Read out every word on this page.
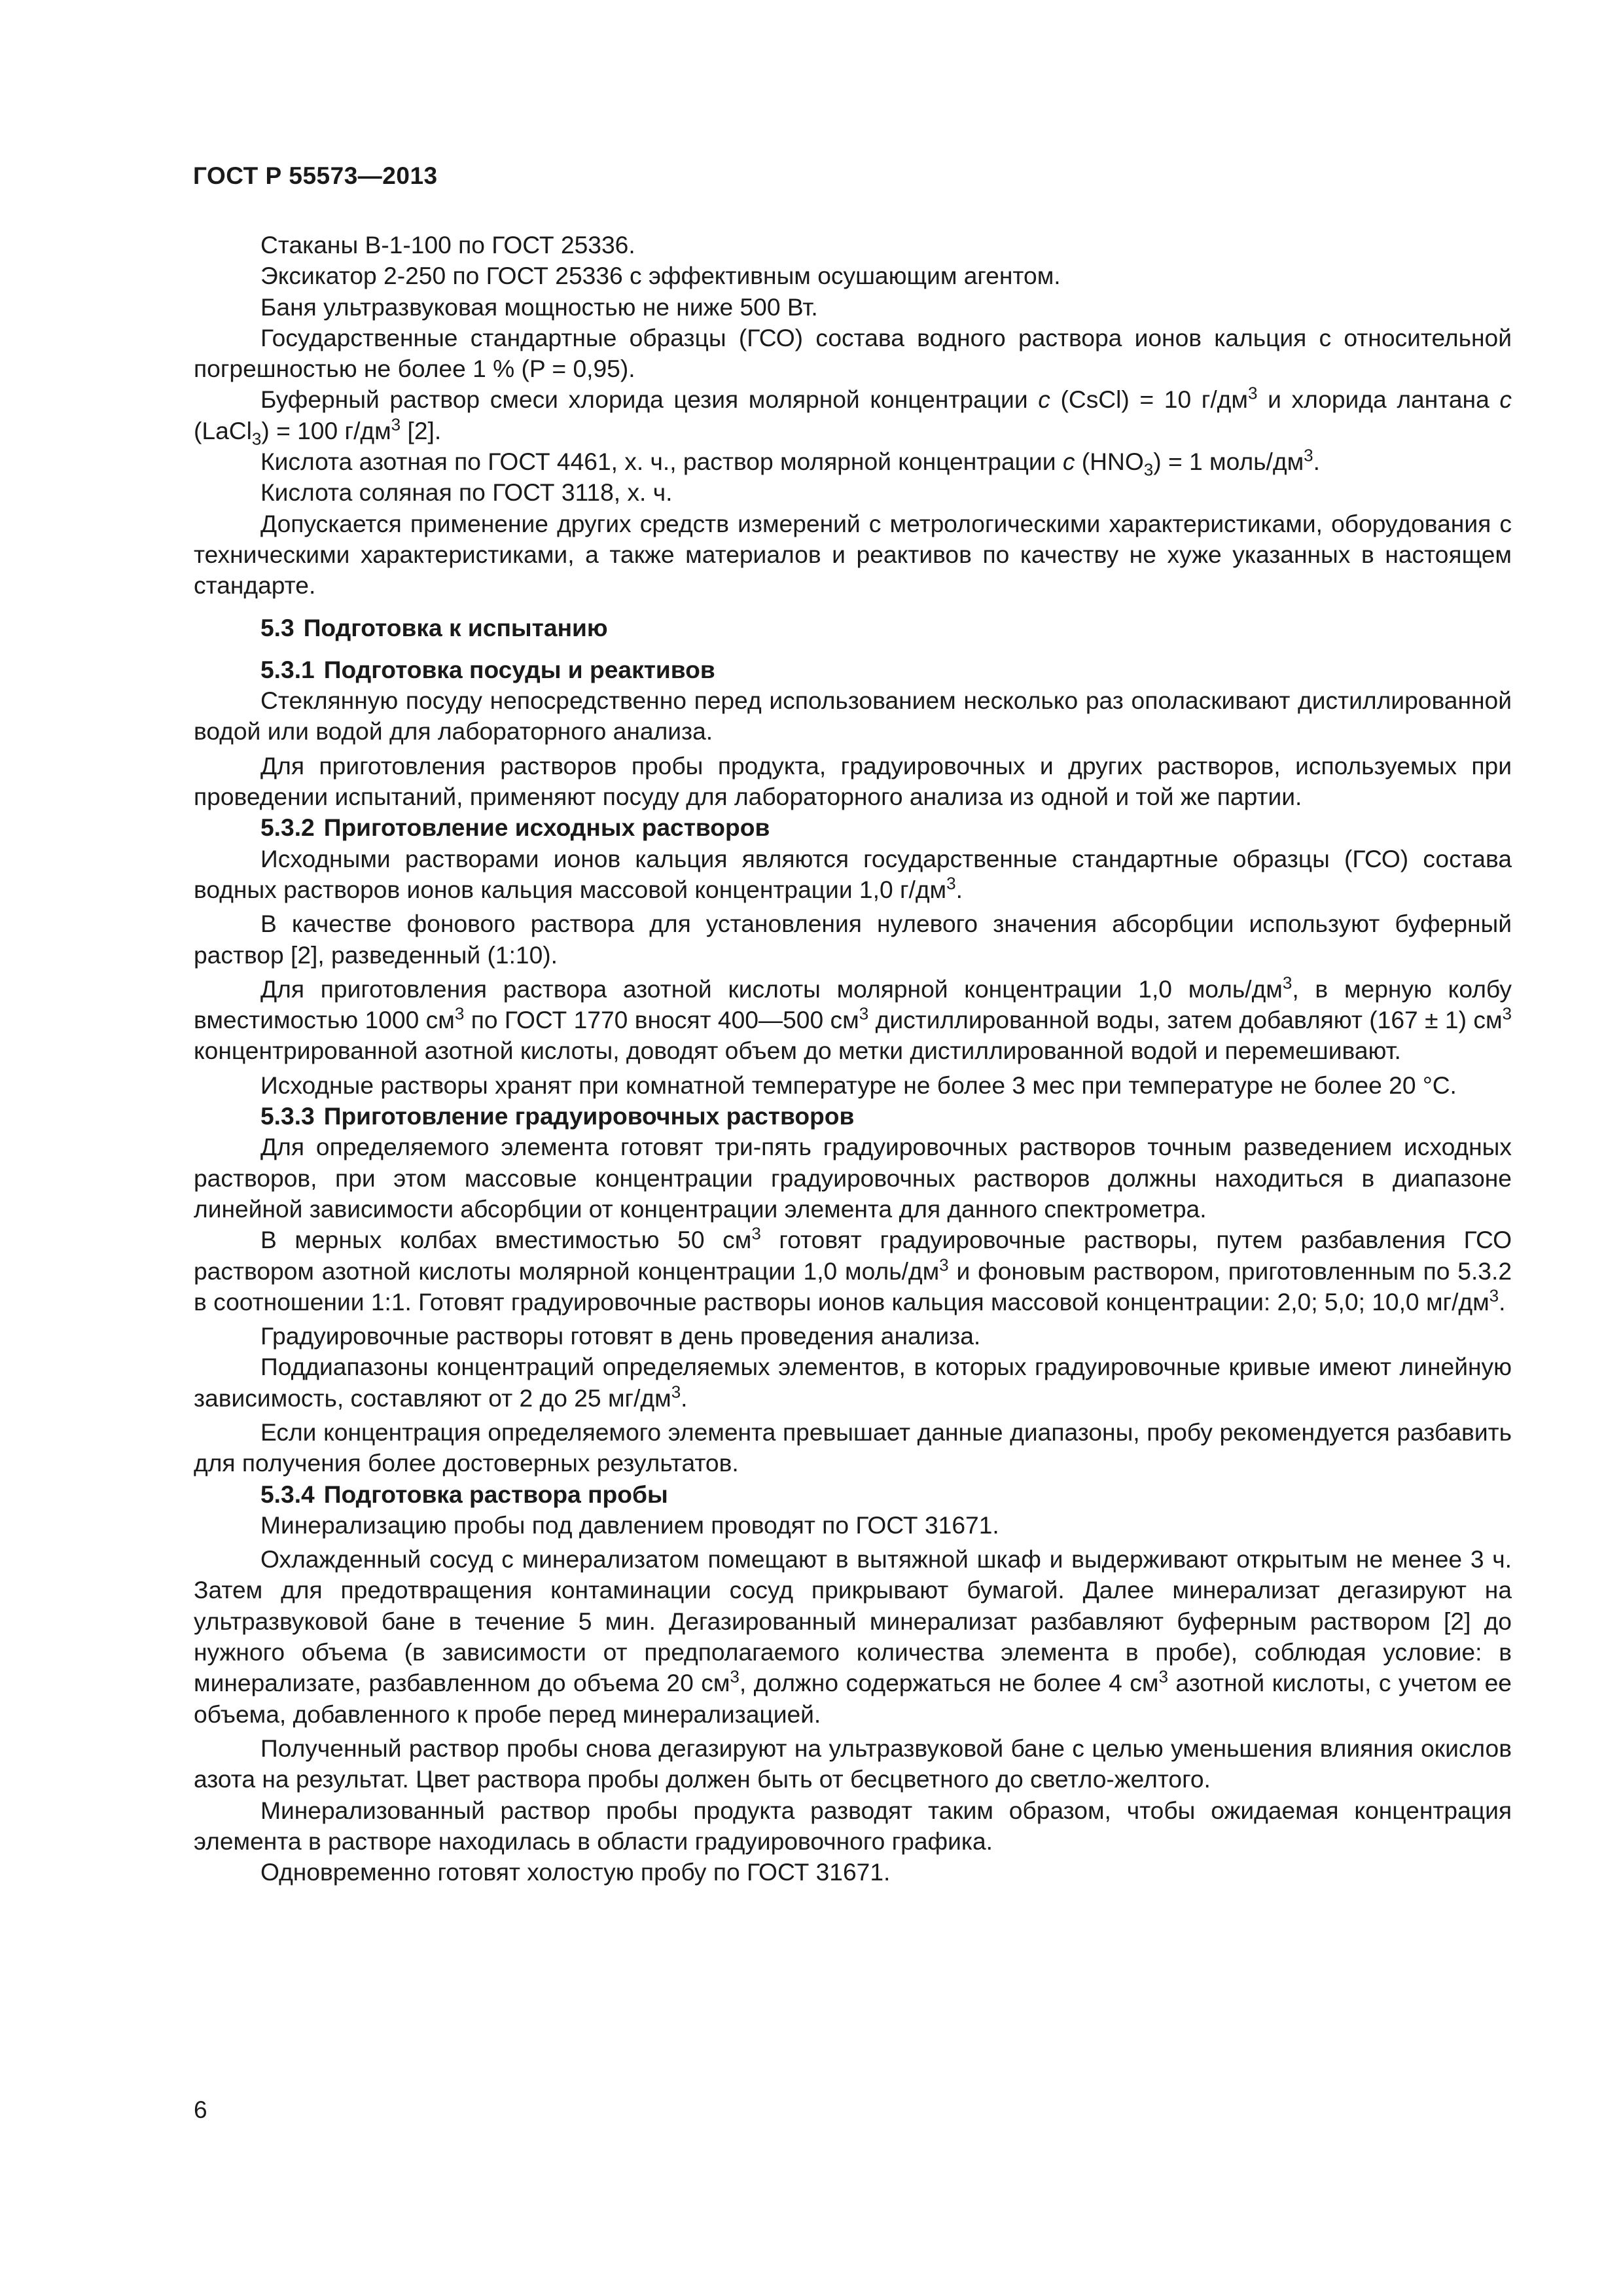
ГОСТ Р 55573—2013

Стаканы В-1-100 по ГОСТ 25336.

Эксикатор 2-250 по ГОСТ 25336 с эффективным осушающим агентом.

Баня ультразвуковая мощностью не ниже 500 Вт.

Государственные стандартные образцы (ГСО) состава водного раствора ионов кальция с относительной погрешностью не более 1 % (P = 0,95).

Буферный раствор смеси хлорида цезия молярной концентрации c (CsCl) = 10 $г/дм^3$ и хлорида лантана c (LaCl$_3$) = 100 $г/дм^3$ [2].

Кислота азотная по ГОСТ 4461, х. ч., раствор молярной концентрации c $(HNO_3) = 1$ моль/$дм^3$.

Кислота соляная по ГОСТ 3118, х. ч.

Допускается применение других средств измерений с метрологическими характеристиками, оборудования с техническими характеристиками, а также материалов и реактивов по качеству не хуже указанных в настоящем стандарте.

5.3 Подготовка к испытанию
5.3.1 Подготовка посуды и реактивов

Стеклянную посуду непосредственно перед использованием несколько раз ополаскивают дистиллированной водой или водой для лабораторного анализа.

Для приготовления растворов пробы продукта, градуировочных и других растворов, используемых при проведении испытаний, применяют посуду для лабораторного анализа из одной и той же партии.

5.3.2 Приготовление исходных растворов

Исходными растворами ионов кальция являются государственные стандартные образцы (ГСО) состава водных растворов ионов кальция массовой концентрации 1,0 $г/дм^3$.

В качестве фонового раствора для установления нулевого значения абсорбции используют буферный раствор [2], разведенный (1:10).

Для приготовления раствора азотной кислоты молярной концентрации 1,0 моль/$дм^3$, в мерную колбу вместимостью 1000 $см^3$ по ГОСТ 1770 вносят 400—500 $см^3$ дистиллированной воды, затем добавляют (167 ± 1) $см^3$ концентрированной азотной кислоты, доводят объем до метки дистиллированной водой и перемешивают.

Исходные растворы хранят при комнатной температуре не более 3 мес при температуре не более 20 °С.

5.3.3 Приготовление градуировочных растворов

Для определяемого элемента готовят три-пять градуировочных растворов точным разведением исходных растворов, при этом массовые концентрации градуировочных растворов должны находиться в диапазоне линейной зависимости абсорбции от концентрации элемента для данного спектрометра.

В мерных колбах вместимостью 50 $см^3$ готовят градуировочные растворы, путем разбавления ГСО раствором азотной кислоты молярной концентрации 1,0 моль/$дм^3$ и фоновым раствором, приготовленным по 5.3.2 в соотношении 1:1. Готовят градуировочные растворы ионов кальция массовой концентрации: 2,0; 5,0; 10,0 $мг/дм^3$.

Градуировочные растворы готовят в день проведения анализа.

Поддиапазоны концентраций определяемых элементов, в которых градуировочные кривые имеют линейную зависимость, составляют от 2 до 25 $мг/дм^3$.

Если концентрация определяемого элемента превышает данные диапазоны, пробу рекомендуется разбавить для получения более достоверных результатов.

5.3.4 Подготовка раствора пробы

Минерализацию пробы под давлением проводят по ГОСТ 31671.

Охлажденный сосуд с минерализатом помещают в вытяжной шкаф и выдерживают открытым не менее 3 ч. Затем для предотвращения контаминации сосуд прикрывают бумагой. Далее минерализат дегазируют на ультразвуковой бане в течение 5 мин. Дегазированный минерализат разбавляют буферным раствором [2] до нужного объема (в зависимости от предполагаемого количества элемента в пробе), соблюдая условие: в минерализате, разбавленном до объема 20 $см^3$, должно содержаться не более 4 $см^3$ азотной кислоты, с учетом ее объема, добавленного к пробе перед минерализацией.

Полученный раствор пробы снова дегазируют на ультразвуковой бане с целью уменьшения влияния окислов азота на результат. Цвет раствора пробы должен быть от бесцветного до светло-желтого.

Минерализованный раствор пробы продукта разводят таким образом, чтобы ожидаемая концентрация элемента в растворе находилась в области градуировочного графика.

Одновременно готовят холостую пробу по ГОСТ 31671.

6
